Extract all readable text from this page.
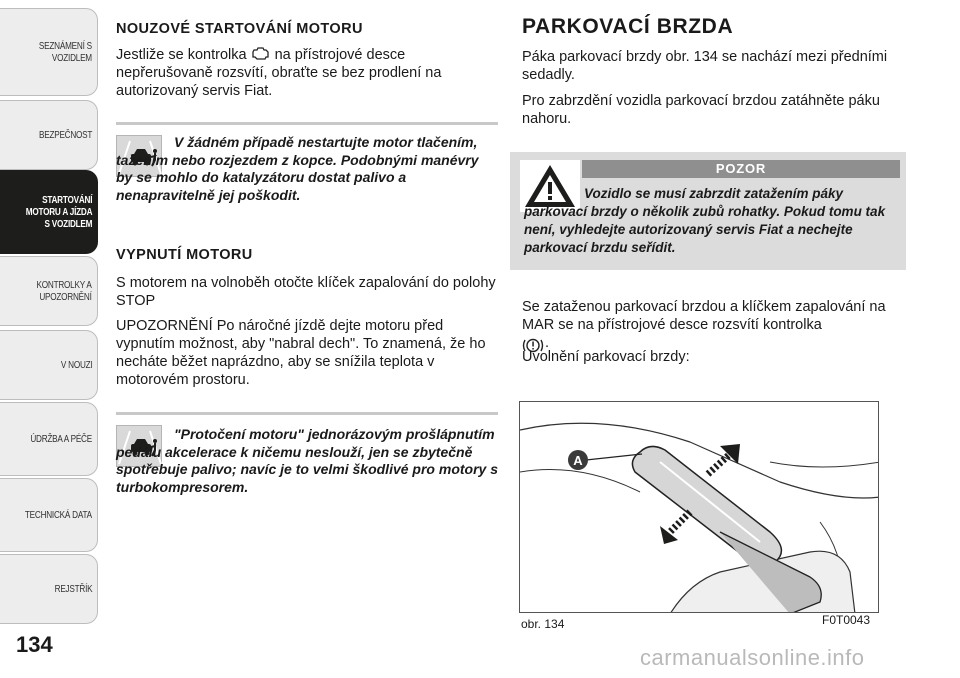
SEZNÁMENÍ S
VOZIDLEM
BEZPEČNOST
STARTOVÁNÍ
MOTORU A JÍZDA
S VOZIDLEM
KONTROLKY A
UPOZORNĚNÍ
V NOUZI
ÚDRŽBA A PÉČE
TECHNICKÁ DATA
REJSTŘÍK
134
NOUZOVÉ STARTOVÁNÍ MOTORU

Jestliže se kontrolka  na přístrojové desce nepřerušovaně rozsvítí, obraťte se bez prodlení na autorizovaný servis Fiat.

V žádném případě nestartujte motor tlačením, tažením nebo rozjezdem z kopce. Podobnými manévry by se mohlo do katalyzátoru dostat palivo a nenapravitelně jej poškodit.
VYPNUTÍ MOTORU

S motorem na volnoběh otočte klíček zapalování do polohy STOP

UPOZORNĚNÍ Po náročné jízdě dejte motoru před vypnutím možnost, aby "nabral dech". To znamená, že ho necháte běžet naprázdno, aby se snížila teplota v motorovém prostoru.

"Protočení motoru" jednorázovým prošlápnutím pedálu akcelerace k ničemu neslouží, jen se zbytečně spotřebuje palivo; navíc je to velmi škodlivé pro motory s turbokompresorem.
PARKOVACÍ BRZDA

Páka parkovací brzdy obr. 134 se nachází mezi předními sedadly.

Pro zabrzdění vozidla parkovací brzdou zatáhněte páku nahoru.

POZOR
Vozidlo se musí zabrzdit zatažením páky parkovací brzdy o několik zubů rohatky. Pokud tomu tak není, vyhledejte autorizovaný servis Fiat a nechejte parkovací brzdu seřídit.

Se zataženou parkovací brzdou a klíčkem zapalování na MAR se na přístrojové desce rozsvítí kontrolka

.

Uvolnění parkovací brzdy:

A
obr. 134	F0T0043
carmanualsonline.info
